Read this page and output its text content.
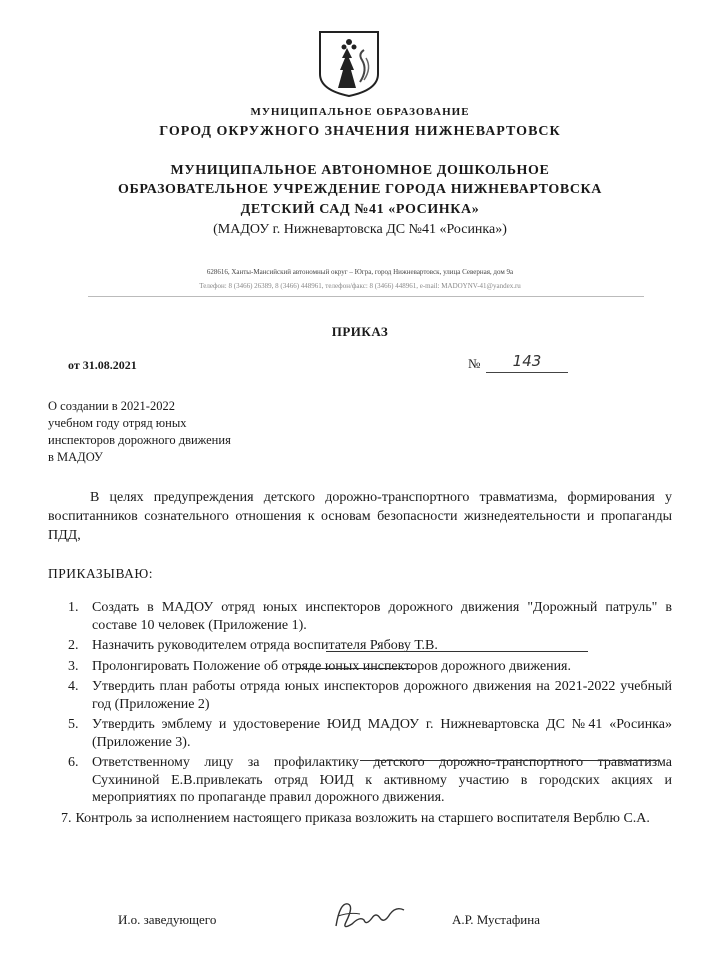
МУНИЦИПАЛЬНОЕ ОБРАЗОВАНИЕ
ГОРОД ОКРУЖНОГО ЗНАЧЕНИЯ НИЖНЕВАРТОВСК
МУНИЦИПАЛЬНОЕ АВТОНОМНОЕ ДОШКОЛЬНОЕ
ОБРАЗОВАТЕЛЬНОЕ УЧРЕЖДЕНИЕ ГОРОДА НИЖНЕВАРТОВСКА
ДЕТСКИЙ САД №41 «РОСИНКА»
(МАДОУ г. Нижневартовска ДС №41 «Росинка»)
628616, Ханты-Мансийский автономный округ – Югра, город Нижневартовск, улица Северная, дом 9а
Телефон: 8 (3466) 26389, 8 (3466) 448961, телефон/факс: 8 (3466) 448961, e-mail: MADOYNV-41@yandex.ru
ПРИКАЗ
от 31.08.2021	№	143
О создании в 2021-2022
учебном году отряд юных
инспекторов дорожного движения
в МАДОУ
В целях предупреждения детского дорожно-транспортного травматизма, формирования у воспитанников сознательного отношения к основам безопасности жизнедеятельности и пропаганды ПДД,
ПРИКАЗЫВАЮ:
1. Создать в МАДОУ отряд юных инспекторов дорожного движения "Дорожный патруль" в составе 10 человек (Приложение 1).
2. Назначить руководителем отряда воспитателя Рябову Т.В.
3. Пролонгировать Положение об отряде юных инспекторов дорожного движения.
4. Утвердить план работы отряда юных инспекторов дорожного движения на 2021-2022 учебный год (Приложение 2)
5. Утвердить эмблему и удостоверение ЮИД МАДОУ г. Нижневартовска ДС №41 «Росинка» (Приложение 3).
6. Ответственному лицу за профилактику детского дорожно-транспортного травматизма Сухининой Е.В.привлекать отряд ЮИД к активному участию в городских акциях и мероприятиях по пропаганде правил дорожного движения.
7. Контроль за исполнением настоящего приказа возложить на старшего воспитателя Верблю С.А.
И.о. заведующего	А.Р. Мустафина
